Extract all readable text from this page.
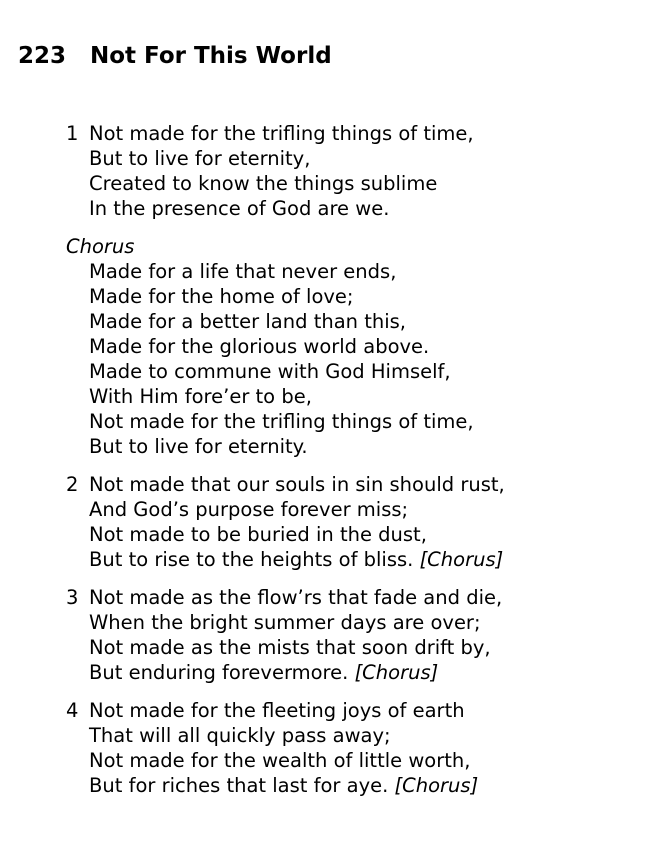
223 Not For This World
1 Not made for the trifling things of time,
But to live for eternity,
Created to know the things sublime
In the presence of God are we.
Chorus
Made for a life that never ends,
Made for the home of love;
Made for a better land than this,
Made for the glorious world above.
Made to commune with God Himself,
With Him fore’er to be,
Not made for the trifling things of time,
But to live for eternity.
2 Not made that our souls in sin should rust,
And God’s purpose forever miss;
Not made to be buried in the dust,
But to rise to the heights of bliss. [Chorus]
3 Not made as the flow’rs that fade and die,
When the bright summer days are over;
Not made as the mists that soon drift by,
But enduring forevermore. [Chorus]
4 Not made for the fleeting joys of earth
That will all quickly pass away;
Not made for the wealth of little worth,
But for riches that last for aye. [Chorus]
